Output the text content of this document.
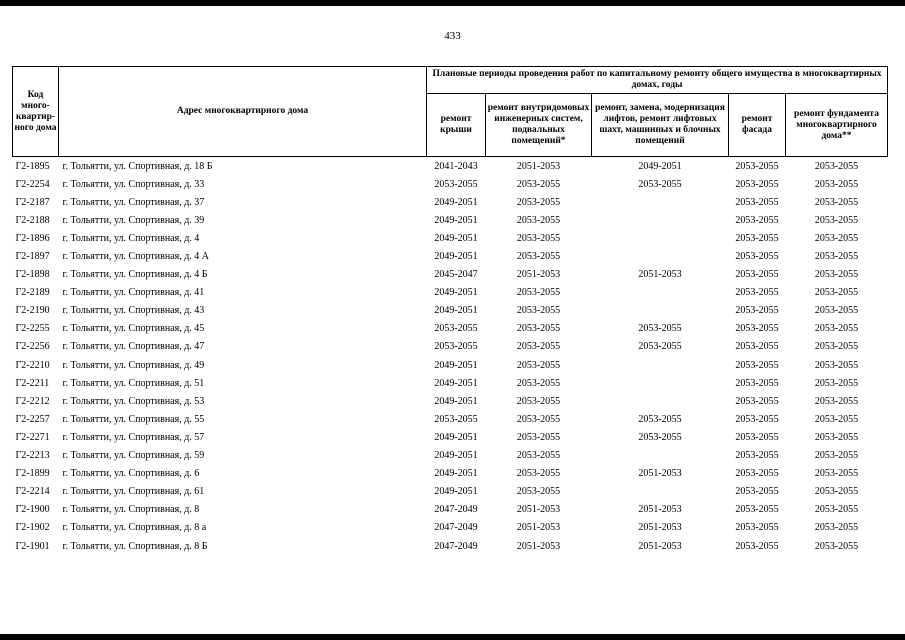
433
Код много-квартир-ного дома	Адрес многоквартирного дома	Плановые периоды проведения работ по капитальному ремонту общего имущества в многоквартирных домах, годы				
		ремонт крыши	ремонт внутридомовых инженерных систем, подвальных помещений*	ремонт, замена, модернизация лифтов, ремонт лифтовых шахт, машинных и блочных помещений	ремонт фасада	ремонт фундамента многоквартирного дома**
Г2-1895	г. Тольятти, ул. Спортивная, д. 18 Б	2041-2043	2051-2053	2049-2051	2053-2055	2053-2055
Г2-2254	г. Тольятти, ул. Спортивная, д. 33	2053-2055	2053-2055	2053-2055	2053-2055	2053-2055
Г2-2187	г. Тольятти, ул. Спортивная, д. 37	2049-2051	2053-2055		2053-2055	2053-2055
Г2-2188	г. Тольятти, ул. Спортивная, д. 39	2049-2051	2053-2055		2053-2055	2053-2055
Г2-1896	г. Тольятти, ул. Спортивная, д. 4	2049-2051	2053-2055		2053-2055	2053-2055
Г2-1897	г. Тольятти, ул. Спортивная, д. 4 А	2049-2051	2053-2055		2053-2055	2053-2055
Г2-1898	г. Тольятти, ул. Спортивная, д. 4 Б	2045-2047	2051-2053	2051-2053	2053-2055	2053-2055
Г2-2189	г. Тольятти, ул. Спортивная, д. 41	2049-2051	2053-2055		2053-2055	2053-2055
Г2-2190	г. Тольятти, ул. Спортивная, д. 43	2049-2051	2053-2055		2053-2055	2053-2055
Г2-2255	г. Тольятти, ул. Спортивная, д. 45	2053-2055	2053-2055	2053-2055	2053-2055	2053-2055
Г2-2256	г. Тольятти, ул. Спортивная, д. 47	2053-2055	2053-2055	2053-2055	2053-2055	2053-2055
Г2-2210	г. Тольятти, ул. Спортивная, д. 49	2049-2051	2053-2055		2053-2055	2053-2055
Г2-2211	г. Тольятти, ул. Спортивная, д. 51	2049-2051	2053-2055		2053-2055	2053-2055
Г2-2212	г. Тольятти, ул. Спортивная, д. 53	2049-2051	2053-2055		2053-2055	2053-2055
Г2-2257	г. Тольятти, ул. Спортивная, д. 55	2053-2055	2053-2055	2053-2055	2053-2055	2053-2055
Г2-2271	г. Тольятти, ул. Спортивная, д. 57	2049-2051	2053-2055	2053-2055	2053-2055	2053-2055
Г2-2213	г. Тольятти, ул. Спортивная, д. 59	2049-2051	2053-2055		2053-2055	2053-2055
Г2-1899	г. Тольятти, ул. Спортивная, д. 6	2049-2051	2053-2055	2051-2053	2053-2055	2053-2055
Г2-2214	г. Тольятти, ул. Спортивная, д. 61	2049-2051	2053-2055		2053-2055	2053-2055
Г2-1900	г. Тольятти, ул. Спортивная, д. 8	2047-2049	2051-2053	2051-2053	2053-2055	2053-2055
Г2-1902	г. Тольятти, ул. Спортивная, д. 8 а	2047-2049	2051-2053	2051-2053	2053-2055	2053-2055
Г2-1901	г. Тольятти, ул. Спортивная, д. 8 Б	2047-2049	2051-2053	2051-2053	2053-2055	2053-2055
